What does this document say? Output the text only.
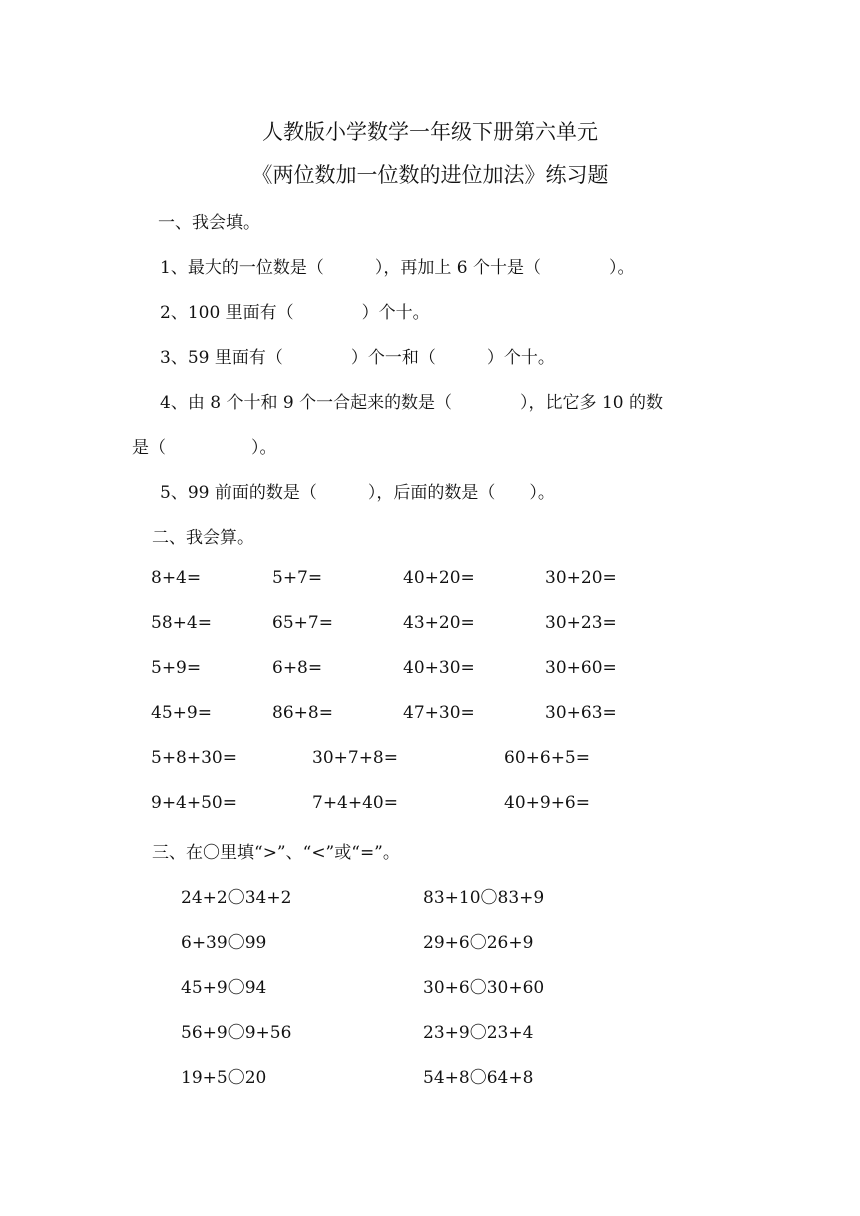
人教版小学数学一年级下册第六单元
《两位数加一位数的进位加法》练习题
一、我会填。
1、最大的一位数是（　　　），再加上 6 个十是（　　　　）。
2、100 里面有（　　　　）个十。
3、59 里面有（　　　　）个一和（　　　）个十。
4、由 8 个十和 9 个一合起来的数是（　　　　），比它多 10 的数
是（　　　　　）。
5、99 前面的数是（　　　），后面的数是（　　）。
二、我会算。
8+4=	5+7=	40+20=	30+20=
58+4=	65+7=	43+20=	30+23=
5+9=	6+8=	40+30=	30+60=
45+9=	86+8=	47+30=	30+63=
5+8+30=	30+7+8=	60+6+5=
9+4+50=	7+4+40=	40+9+6=
三、在〇里填“>”、“<”或“=”。
24+2〇34+2	83+10〇83+9
6+39〇99	29+6〇26+9
45+9〇94	30+6〇30+60
56+9〇9+56	23+9〇23+4
19+5〇20	54+8〇64+8
